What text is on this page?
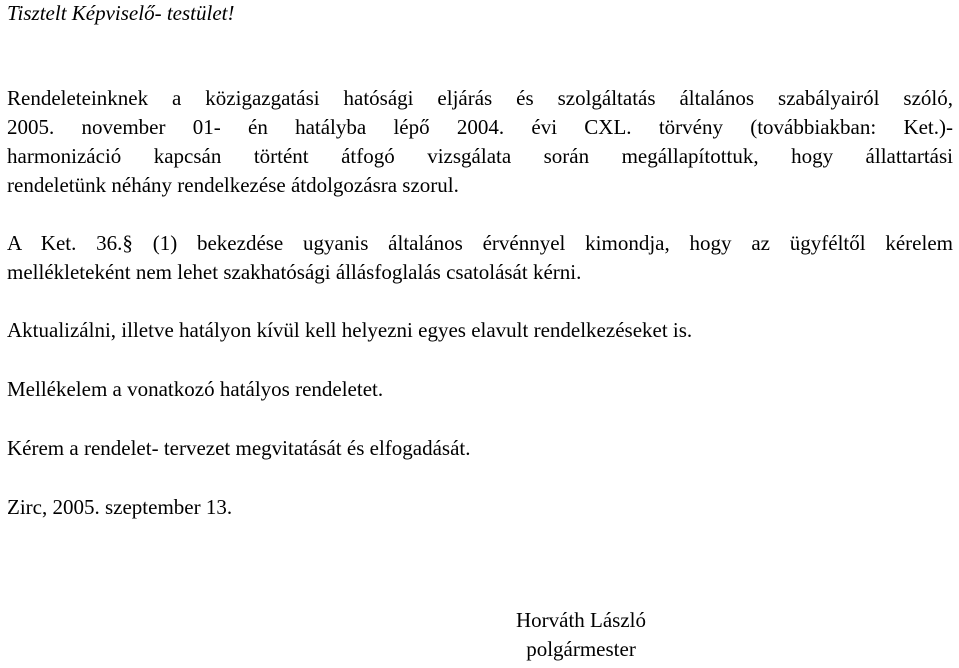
Tisztelt Képviselő- testület!
Rendeleteinknek a közigazgatási hatósági eljárás és szolgáltatás általános szabályairól szóló,
2005. november 01- én hatályba lépő 2004. évi CXL. törvény (továbbiakban: Ket.)-
harmonizáció kapcsán történt átfogó vizsgálata során megállapítottuk, hogy állattartási
rendeletünk néhány rendelkezése átdolgozásra szorul.
A Ket. 36.§ (1) bekezdése ugyanis általános érvénnyel kimondja, hogy az ügyféltől kérelem
mellékleteként nem lehet szakhatósági állásfoglalás csatolását kérni.
Aktualizálni, illetve hatályon kívül kell helyezni egyes elavult rendelkezéseket is.
Mellékelem a vonatkozó hatályos rendeletet.
Kérem a rendelet- tervezet megvitatását és elfogadását.
Zirc, 2005. szeptember 13.
Horváth László
polgármester
